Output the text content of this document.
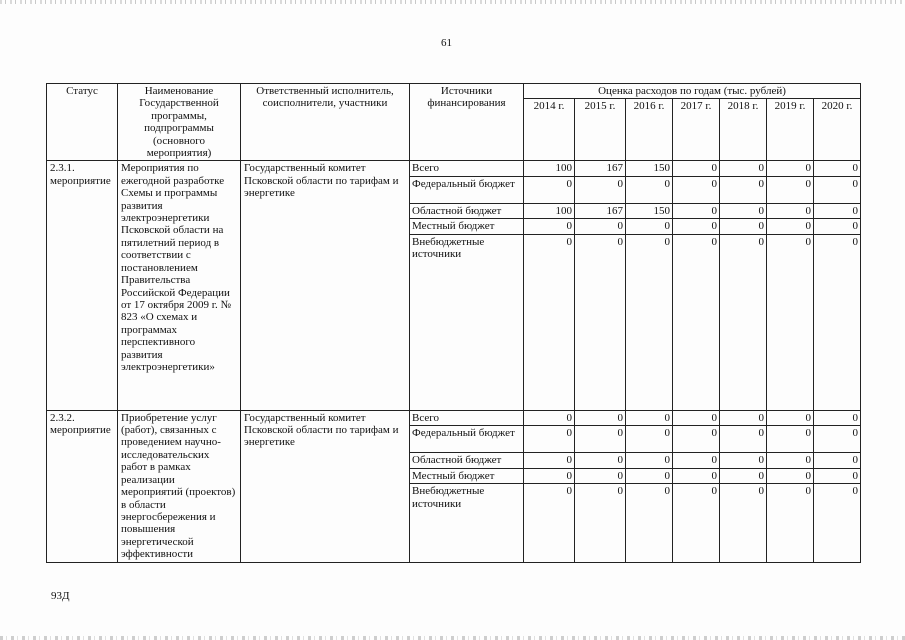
61
Статус	Наименование Государственной программы, подпрограммы (основного мероприятия)	Ответственный исполнитель, соисполнители, участники	Источники финансирования	Оценка расходов по годам (тыс. рублей)						
				2014 г.	2015 г.	2016 г.	2017 г.	2018 г.	2019 г.	2020 г.
2.3.1. мероприятие	Мероприятия по ежегодной разработке Схемы и программы развития электроэнергетики Псковской области на пятилетний период в соответствии с постановлением Правительства Российской Федерации от 17 октября 2009 г. № 823 «О схемах и программах перспективного развития электроэнергетики»	Государственный комитет Псковской области по тарифам и энергетике	Всего	100	167	150	0	0	0	0
			Федеральный бюджет	0	0	0	0	0	0	0
			Областной бюджет	100	167	150	0	0	0	0
			Местный бюджет	0	0	0	0	0	0	0
			Внебюджетные источники	0	0	0	0	0	0	0
2.3.2. мероприятие	Приобретение услуг (работ), связанных с проведением научно-исследовательских работ в рамках реализации мероприятий (проектов) в области энергосбережения и повышения энергетической эффективности	Государственный комитет Псковской области по тарифам и энергетике	Всего	0	0	0	0	0	0	0
			Федеральный бюджет	0	0	0	0	0	0	0
			Областной бюджет	0	0	0	0	0	0	0
			Местный бюджет	0	0	0	0	0	0	0
			Внебюджетные источники	0	0	0	0	0	0	0
93Д
